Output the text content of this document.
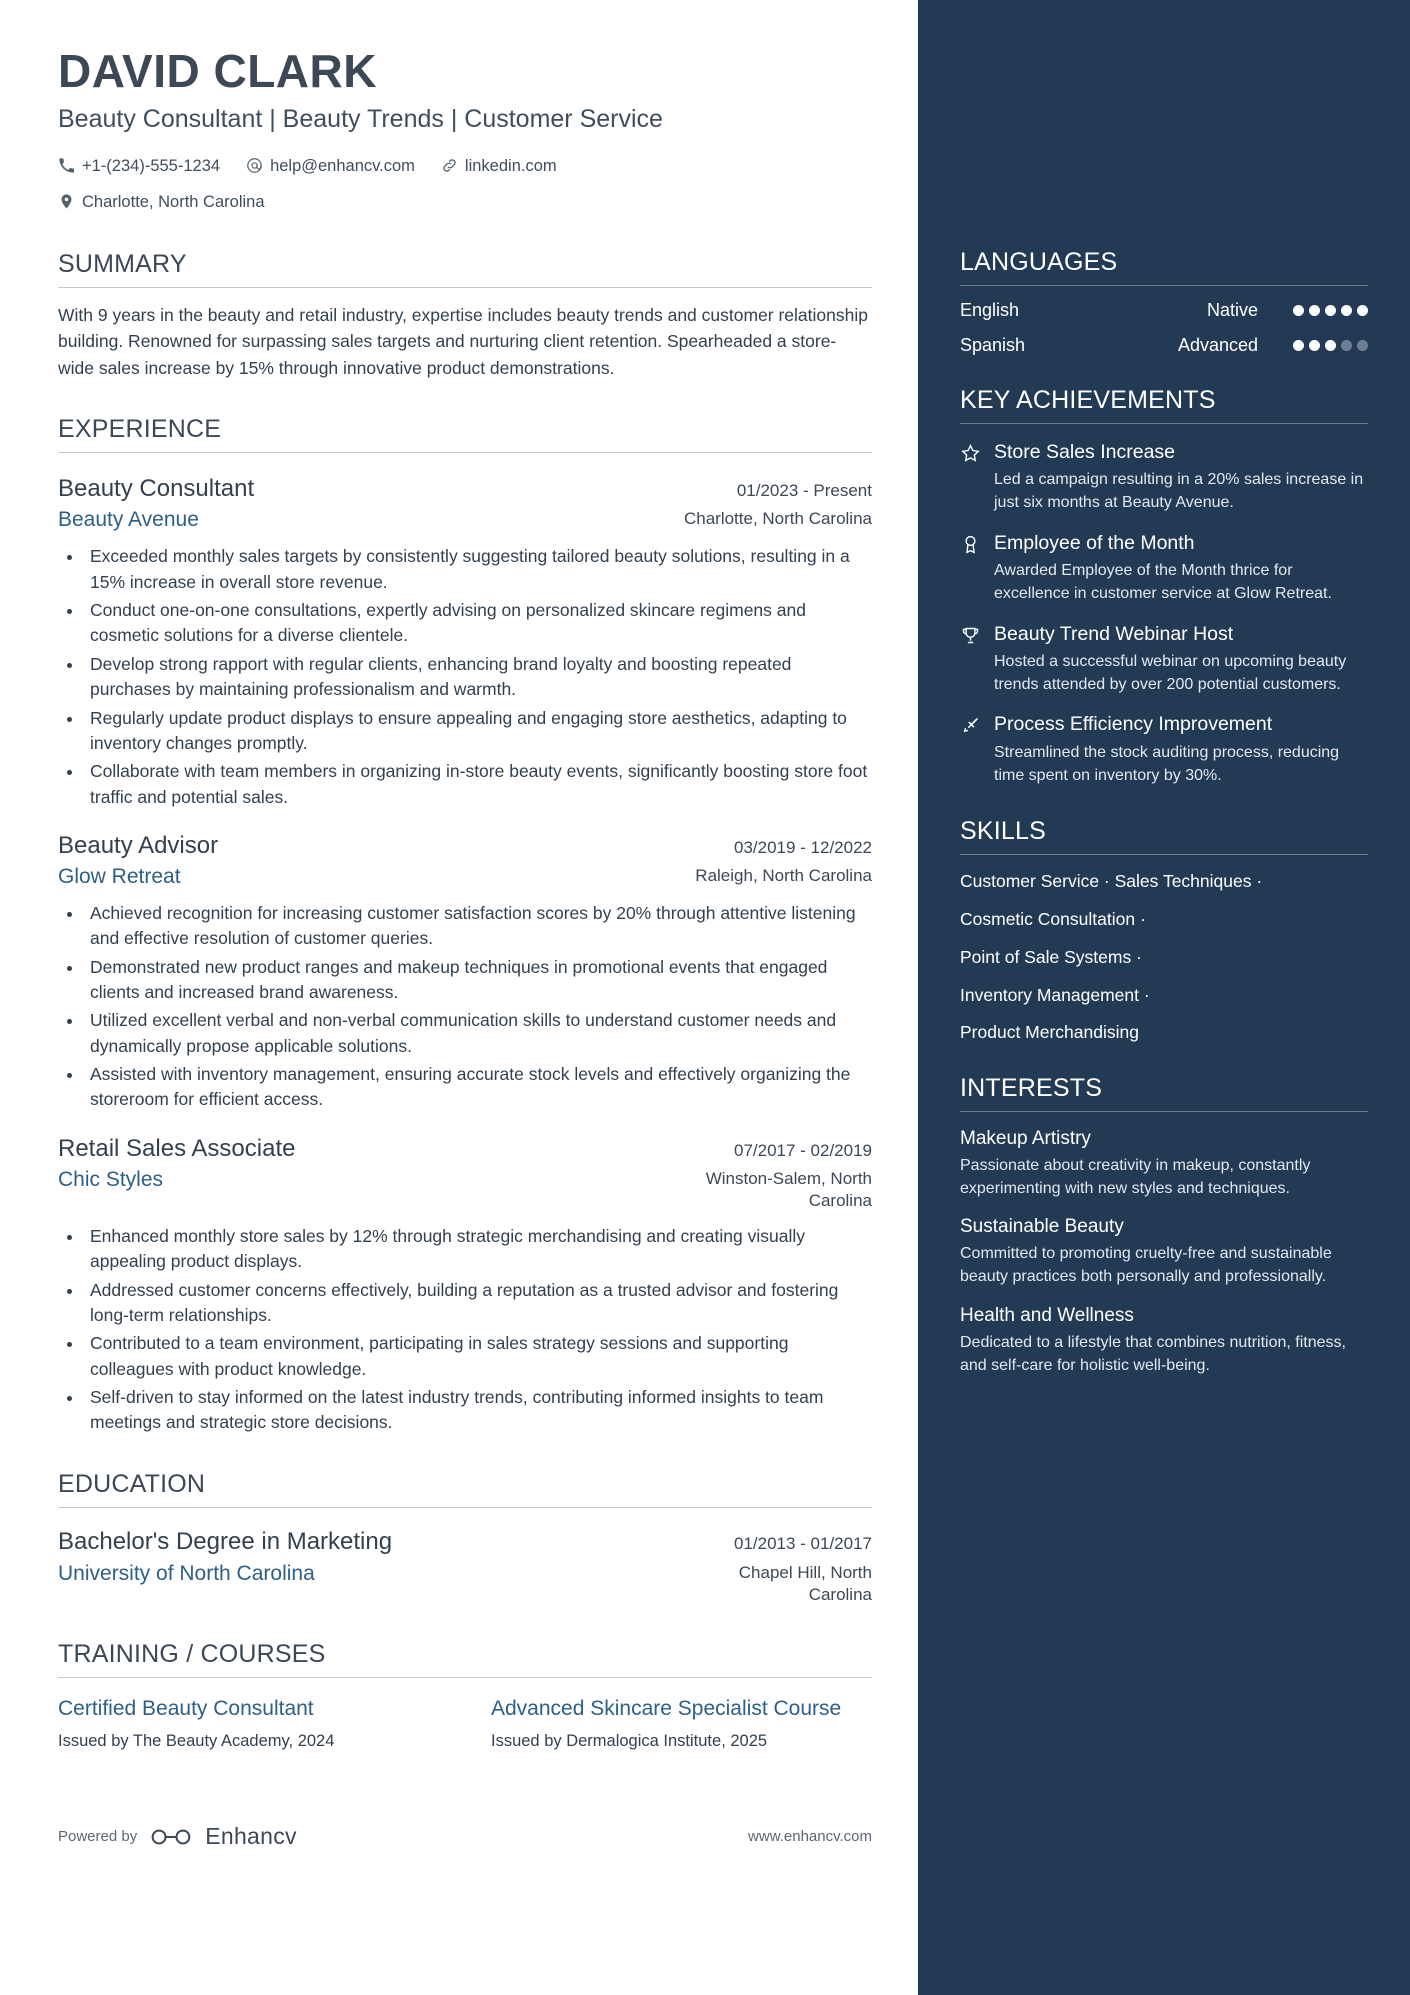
DAVID CLARK
Beauty Consultant | Beauty Trends | Customer Service
+1-(234)-555-1234	help@enhancv.com	linkedin.com
Charlotte, North Carolina
SUMMARY
With 9 years in the beauty and retail industry, expertise includes beauty trends and customer relationship building. Renowned for surpassing sales targets and nurturing client retention. Spearheaded a store-wide sales increase by 15% through innovative product demonstrations.
EXPERIENCE
Beauty Consultant	01/2023 - Present
Beauty Avenue	Charlotte, North Carolina
• Exceeded monthly sales targets by consistently suggesting tailored beauty solutions, resulting in a 15% increase in overall store revenue.
• Conduct one-on-one consultations, expertly advising on personalized skincare regimens and cosmetic solutions for a diverse clientele.
• Develop strong rapport with regular clients, enhancing brand loyalty and boosting repeated purchases by maintaining professionalism and warmth.
• Regularly update product displays to ensure appealing and engaging store aesthetics, adapting to inventory changes promptly.
• Collaborate with team members in organizing in-store beauty events, significantly boosting store foot traffic and potential sales.
Beauty Advisor	03/2019 - 12/2022
Glow Retreat	Raleigh, North Carolina
• Achieved recognition for increasing customer satisfaction scores by 20% through attentive listening and effective resolution of customer queries.
• Demonstrated new product ranges and makeup techniques in promotional events that engaged clients and increased brand awareness.
• Utilized excellent verbal and non-verbal communication skills to understand customer needs and dynamically propose applicable solutions.
• Assisted with inventory management, ensuring accurate stock levels and effectively organizing the storeroom for efficient access.
Retail Sales Associate	07/2017 - 02/2019
Chic Styles	Winston-Salem, North Carolina
• Enhanced monthly store sales by 12% through strategic merchandising and creating visually appealing product displays.
• Addressed customer concerns effectively, building a reputation as a trusted advisor and fostering long-term relationships.
• Contributed to a team environment, participating in sales strategy sessions and supporting colleagues with product knowledge.
• Self-driven to stay informed on the latest industry trends, contributing informed insights to team meetings and strategic store decisions.
EDUCATION
Bachelor's Degree in Marketing	01/2013 - 01/2017
University of North Carolina	Chapel Hill, North Carolina
TRAINING / COURSES
Certified Beauty Consultant
Issued by The Beauty Academy, 2024
Advanced Skincare Specialist Course
Issued by Dermalogica Institute, 2025
Powered by	Enhancv	www.enhancv.com
LANGUAGES
English	Native
Spanish	Advanced
KEY ACHIEVEMENTS
Store Sales Increase
Led a campaign resulting in a 20% sales increase in just six months at Beauty Avenue.
Employee of the Month
Awarded Employee of the Month thrice for excellence in customer service at Glow Retreat.
Beauty Trend Webinar Host
Hosted a successful webinar on upcoming beauty trends attended by over 200 potential customers.
Process Efficiency Improvement
Streamlined the stock auditing process, reducing time spent on inventory by 30%.
SKILLS
Customer Service · Sales Techniques ·
Cosmetic Consultation ·
Point of Sale Systems ·
Inventory Management ·
Product Merchandising
INTERESTS
Makeup Artistry
Passionate about creativity in makeup, constantly experimenting with new styles and techniques.
Sustainable Beauty
Committed to promoting cruelty-free and sustainable beauty practices both personally and professionally.
Health and Wellness
Dedicated to a lifestyle that combines nutrition, fitness, and self-care for holistic well-being.
